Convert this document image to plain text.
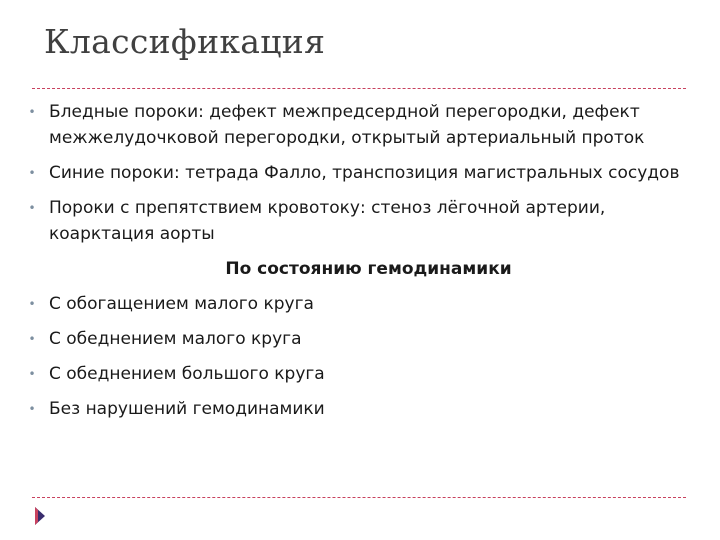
Классификация
• Бледные пороки: дефект межпредсердной перегородки, дефект межжелудочковой перегородки, открытый артериальный проток
• Синие пороки: тетрада Фалло, транспозиция магистральных сосудов
• Пороки с препятствием кровотоку: стеноз лёгочной артерии, коарктация аорты
По состоянию гемодинамики
• С обогащением малого круга
• С обеднением малого круга
• С обеднением большого круга
• Без нарушений гемодинамики
